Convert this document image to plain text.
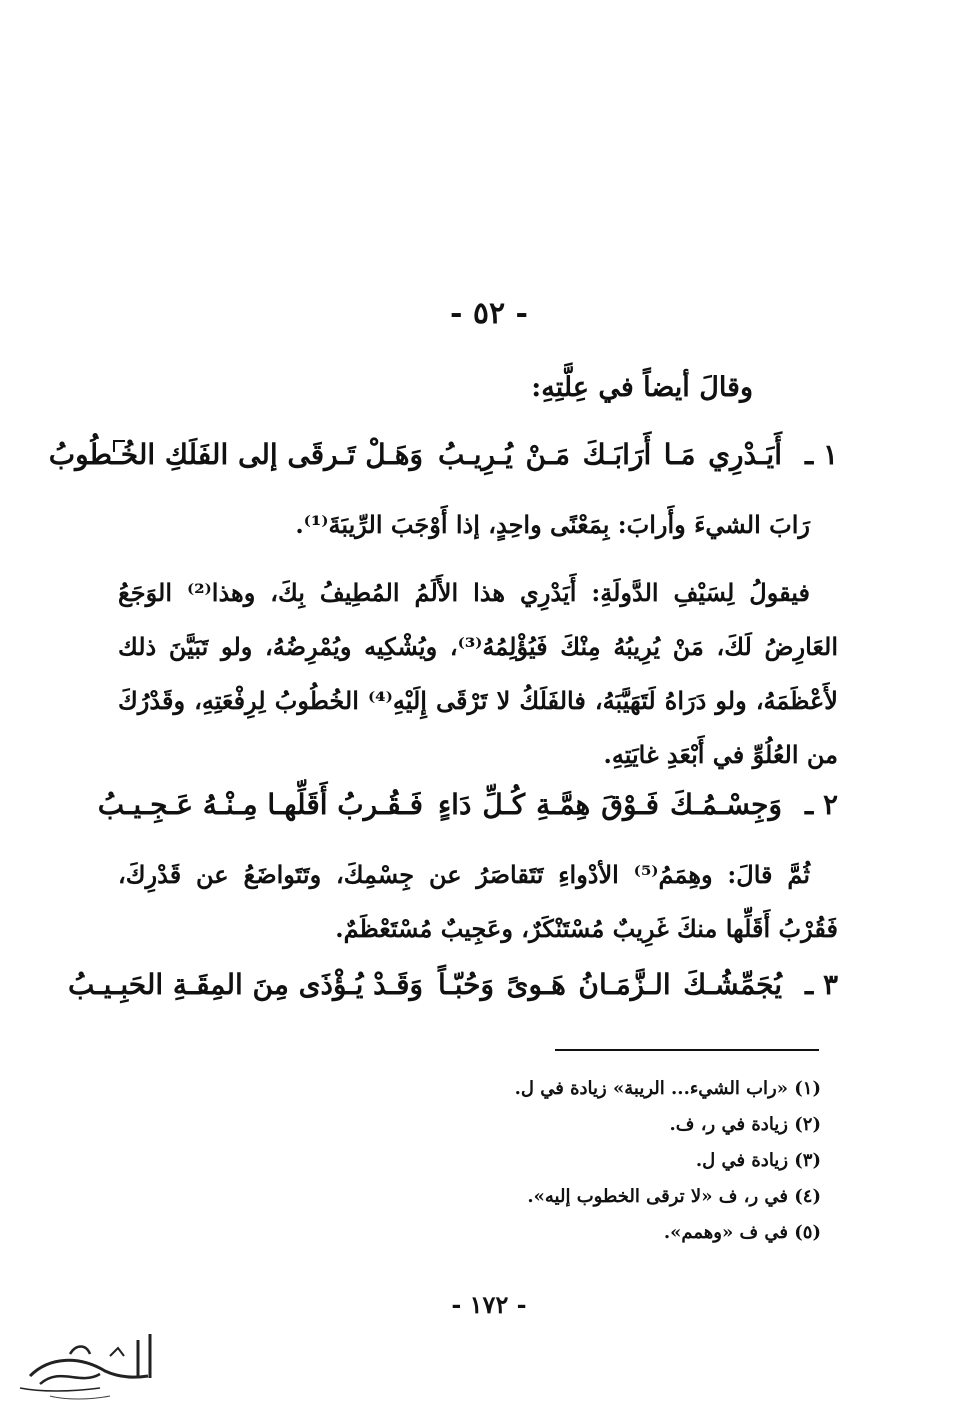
- ٥٢ -
وقالَ أيضاً في عِلَّتِهِ:
١ ـ
أَيَـدْرِي مَـا أَرَابَـكَ مَـنْ يُـرِيـبُ
وَهَـلْ تَـرقَى إلى الفَلَكِ الخُـطُوبُ
رَابَ الشيءَ وأَرابَ: بِمَعْنًى واحِدٍ، إذا أَوْجَبَ الرِّيبَةَ⁽¹⁾.
فيقولُ لِسَيْفِ الدَّولَةِ: أَيَدْرِي هذا الأَلَمُ المُطِيفُ بِكَ، وهذا⁽²⁾ الوَجَعُ العَارِضُ لَكَ، مَنْ يُرِيبُهُ مِنْكَ فَيُؤْلِمُهُ⁽³⁾، ويُشْكِيه ويُمْرِضُهُ، ولو تَبَيَّنَ ذلك لأَعْظَمَهُ، ولو دَرَاهُ لَتَهَيَّبَهُ، فالفَلَكُ لا تَرْقَى إِلَيْهِ⁽⁴⁾ الخُطُوبُ لِرِفْعَتِهِ، وقَدْرُكَ من العُلُوِّ في أَبْعَدِ غايَتِهِ.
٢ ـ
وَجِسْـمُـكَ فَـوْقَ هِمَّـةِ كُـلِّ دَاءٍ
فَـقُـربُ أَقَلِّهـا مِـنْـهُ عَـجِـيـبُ
ثُمَّ قالَ: وهِمَمُ⁽⁵⁾ الأدْواءِ تَتَقاصَرُ عن جِسْمِكَ، وتَتَواضَعُ عن قَدْرِكَ، فَقُرْبُ أَقَلِّها منكَ غَرِيبٌ مُسْتَنْكَرٌ، وعَجِيبٌ مُسْتَعْظَمٌ.
٣ ـ
يُجَمِّشُـكَ الـزَّمَـانُ هَـوىً وَحُبّـاً
وَقَـدْ يُـؤْذَى مِنَ المِقَـةِ الحَبِـيـبُ
(١) «راب الشيء... الريبة» زيادة في ل.
(٢) زيادة في ر، ف.
(٣) زيادة في ل.
(٤) في ر، ف «لا ترقى الخطوب إليه».
(٥) في ف «وهمم».
- ١٧٢ -
